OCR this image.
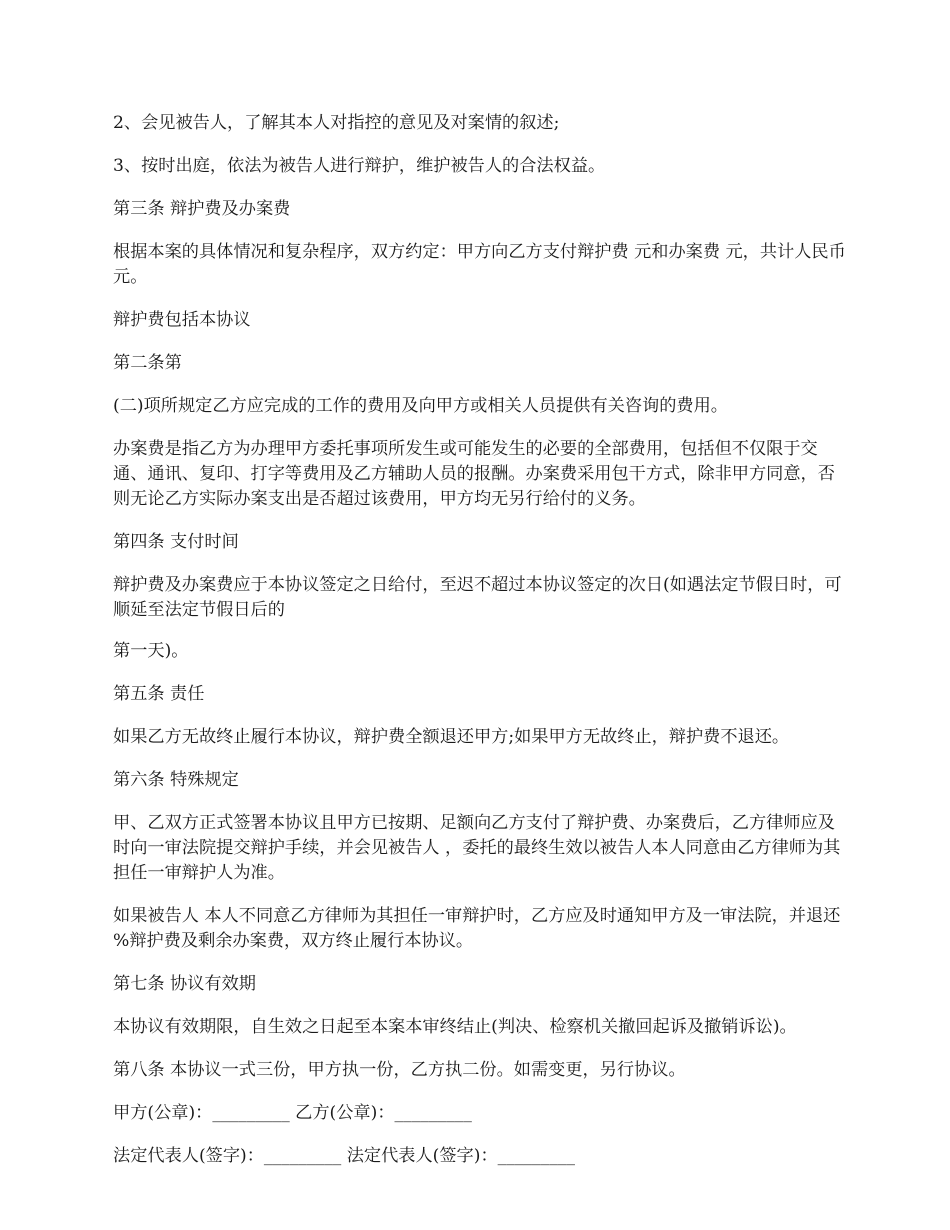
2、会见被告人，了解其本人对指控的意见及对案情的叙述;

3、按时出庭，依法为被告人进行辩护，维护被告人的合法权益。

第三条 辩护费及办案费

根据本案的具体情况和复杂程序，双方约定：甲方向乙方支付辩护费 元和办案费 元，共计人民币 元。

辩护费包括本协议

第二条第

(二)项所规定乙方应完成的工作的费用及向甲方或相关人员提供有关咨询的费用。

办案费是指乙方为办理甲方委托事项所发生或可能发生的必要的全部费用，包括但不仅限于交通、通讯、复印、打字等费用及乙方辅助人员的报酬。办案费采用包干方式，除非甲方同意，否则无论乙方实际办案支出是否超过该费用，甲方均无另行给付的义务。

第四条 支付时间

辩护费及办案费应于本协议签定之日给付，至迟不超过本协议签定的次日(如遇法定节假日时，可顺延至法定节假日后的

第一天)。

第五条 责任

如果乙方无故终止履行本协议，辩护费全额退还甲方;如果甲方无故终止，辩护费不退还。

第六条 特殊规定

甲、乙双方正式签署本协议且甲方已按期、足额向乙方支付了辩护费、办案费后，乙方律师应及时向一审法院提交辩护手续，并会见被告人 ，委托的最终生效以被告人本人同意由乙方律师为其担任一审辩护人为准。

如果被告人 本人不同意乙方律师为其担任一审辩护时，乙方应及时通知甲方及一审法院，并退还 %辩护费及剩余办案费，双方终止履行本协议。

第七条 协议有效期

本协议有效期限，自生效之日起至本案本审终结止(判决、检察机关撤回起诉及撤销诉讼)。

第八条 本协议一式三份，甲方执一份，乙方执二份。如需变更，另行协议。

甲方(公章)：_________ 乙方(公章)：_________

法定代表人(签字)：_________ 法定代表人(签字)：_________
